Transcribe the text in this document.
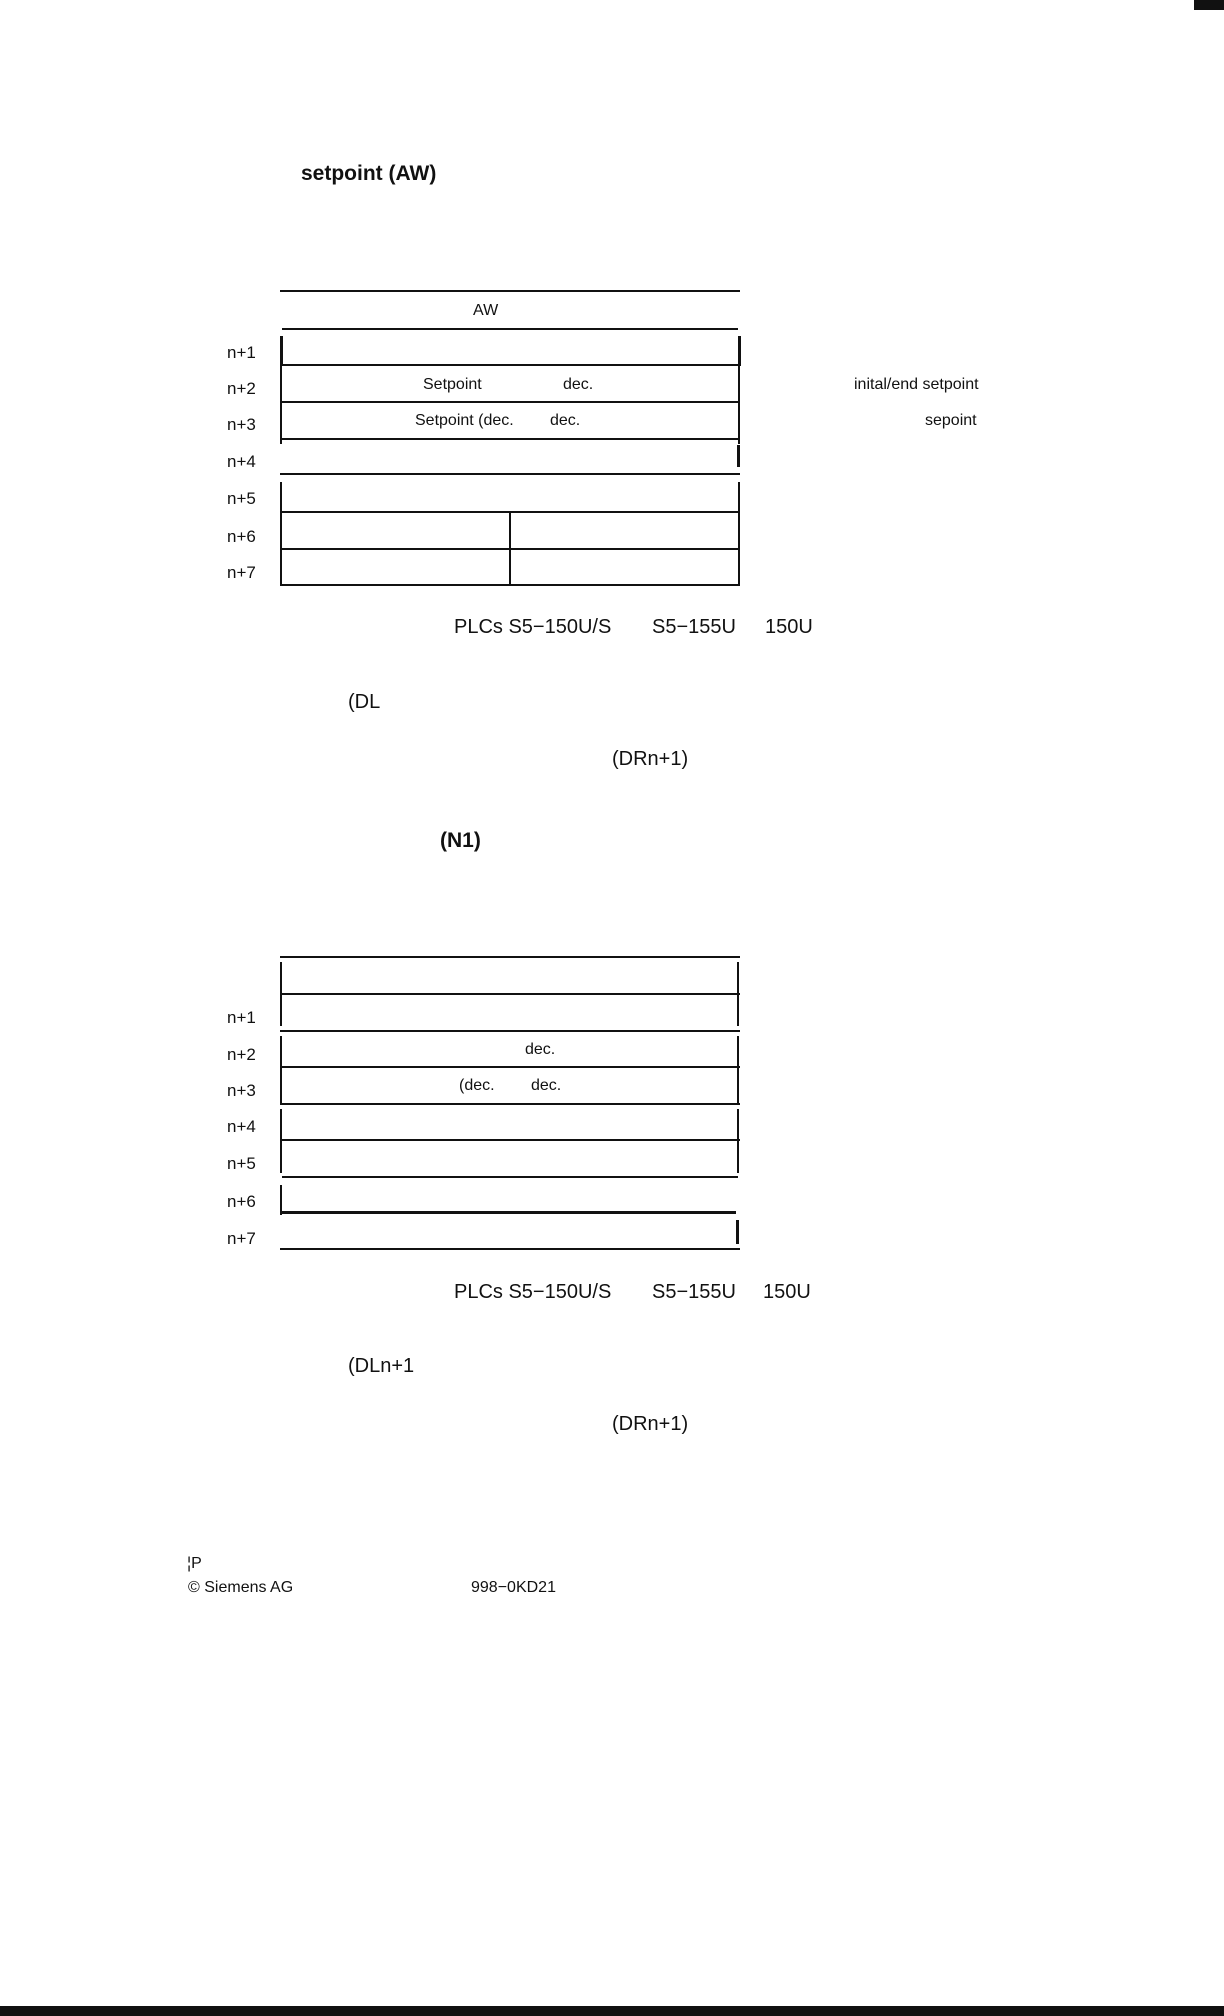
setpoint (AW)
AW
Setpoint	dec.
Setpoint (dec. dec.
n+1
n+2
n+3
n+4
n+5
n+6
n+7
inital/end setpoint
sepoint
PLCs S5−150U/S S5−155U 150U
(DL
(DRn+1)
(N1)
dec.
(dec. dec.
n+1
n+2
n+3
n+4
n+5
n+6
n+7
PLCs S5−150U/S S5−155U 150U
(DLn+1
(DRn+1)
¦P
© Siemens AG	998−0KD21
